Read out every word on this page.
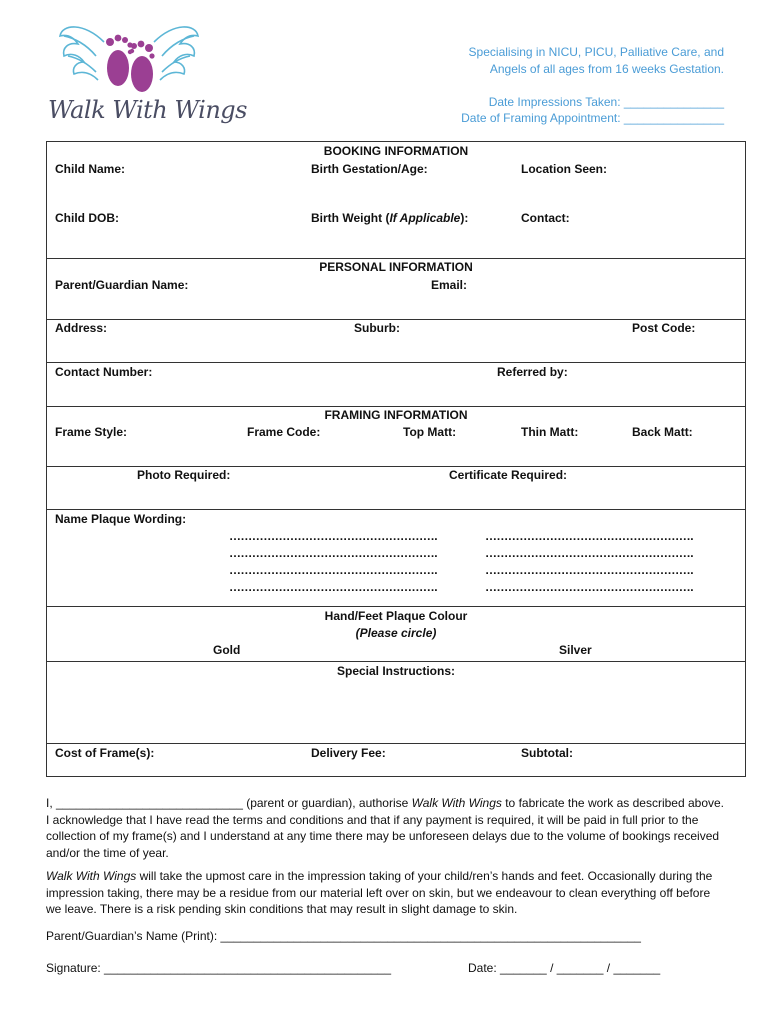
Walk With Wings
Specialising in NICU, PICU, Palliative Care, and
Angels of all ages from 16 weeks Gestation.
Date Impressions Taken: _______________
Date of Framing Appointment: _______________
BOOKING INFORMATION
Child Name:	Birth Gestation/Age:	Location Seen:
Child DOB:	Birth Weight (If Applicable):	Contact:
PERSONAL INFORMATION
Parent/Guardian Name:	Email:
Address:	Suburb:	Post Code:
Contact Number:	Referred by:
FRAMING INFORMATION
Frame Style:	Frame Code:	Top Matt:	Thin Matt:	Back Matt:
Photo Required:	Certificate Required:
Name Plaque Wording:
……………………………………………….
……………………………………………….
……………………………………………….
……………………………………………….
……………………………………………….
……………………………………………….
……………………………………………….
……………………………………………….
Hand/Feet Plaque Colour
(Please circle)
Gold	Silver
Special Instructions:
Cost of Frame(s):	Delivery Fee:	Subtotal:
I, ____________________________ (parent or guardian), authorise Walk With Wings to fabricate the work as described above. I acknowledge that I have read the terms and conditions and that if any payment is required, it will be paid in full prior to the collection of my frame(s) and I understand at any time there may be unforeseen delays due to the volume of bookings received and/or the time of year.
Walk With Wings will take the upmost care in the impression taking of your child/ren’s hands and feet. Occasionally during the impression taking, there may be a residue from our material left over on skin, but we endeavour to clean everything off before we leave. There is a risk pending skin conditions that may result in slight damage to skin.
Parent/Guardian’s Name (Print): _______________________________________________________________
Signature: ___________________________________________	Date: _______ / _______ / _______
